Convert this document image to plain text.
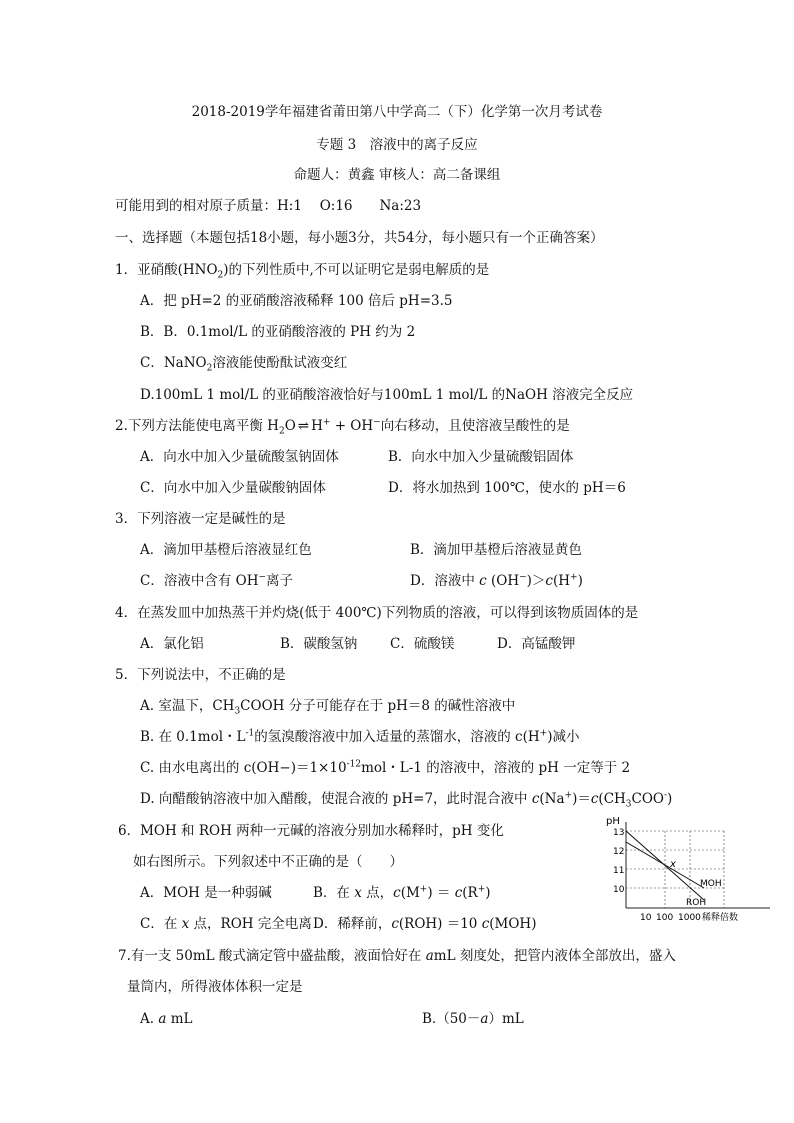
2018-2019学年福建省莆田第八中学高二（下）化学第一次月考试卷
专题 3　溶液中的离子反应
命题人：黄鑫 审核人：高二备课组
可能用到的相对原子质量：H:1　 O:16　　Na:23
一、选择题（本题包括18小题，每小题3分，共54分，每小题只有一个正确答案）
1．亚硝酸$(HNO_2)$的下列性质中,不可以证明它是弱电解质的是
A．把 pH=2 的亚硝酸溶液稀释 100 倍后 pH=3.5
B．B．0.1mol/L 的亚硝酸溶液的 PH 约为 2
C．NaNO$_2$溶液能使酚酞试液变红
D.100mL 1 mol/L 的亚硝酸溶液恰好与100mL 1 mol/L 的NaOH 溶液完全反应
2.下列方法能使电离平衡 $H_2O$ ⇌ H+ + OH−向右移动，且使溶液呈酸性的是
A．向水中加入少量硫酸氢钠固体	B．向水中加入少量硫酸铝固体
C．向水中加入少量碳酸钠固体	D．将水加热到 100℃，使水的 pH＝6
3．下列溶液一定是碱性的是
A．滴加甲基橙后溶液显红色	B．滴加甲基橙后溶液显黄色
C．溶液中含有 OH−离子	D．溶液中 c (OH−)＞c(H+)
4．在蒸发皿中加热蒸干并灼烧(低于 400℃)下列物质的溶液，可以得到该物质固体的是
A．氯化铝	B．碳酸氢钠 C．硫酸镁	D．高锰酸钾
5．下列说法中，不正确的是
A. 室温下，$CH_3COOH$ 分子可能存在于 pH＝8 的碱性溶液中
B. 在 0.1mol・$L^{-1}$的氢溴酸溶液中加入适量的蒸馏水，溶液的 c(H+)减小
C. 由水电离出的 $c(OH-)=1\times 10^{-12}mol$・L-1 的溶液中，溶液的 pH 一定等于 2
D. 向醋酸钠溶液中加入醋酸，使混合液的 pH=7，此时混合液中 $c(Na^+)=c(CH_3COO^-)$
6．MOH 和 ROH 两种一元碱的溶液分别加水稀释时，pH 变化
如右图所示。下列叙述中不正确的是（　　）
A．MOH 是一种弱碱	B．在 x 点，c(M+) ＝ c(R+)
C．在 x 点，ROH 完全电离 D．稀释前，c(ROH) ＝10 c(MOH)
pH
13
12
11
10
10 100 1000 稀释倍数
x
MOH
ROH
7.有一支 50mL 酸式滴定管中盛盐酸，液面恰好在 amL 刻度处，把管内液体全部放出，盛入
量筒内，所得液体体积一定是
A. a mL	B.（50－a）mL
